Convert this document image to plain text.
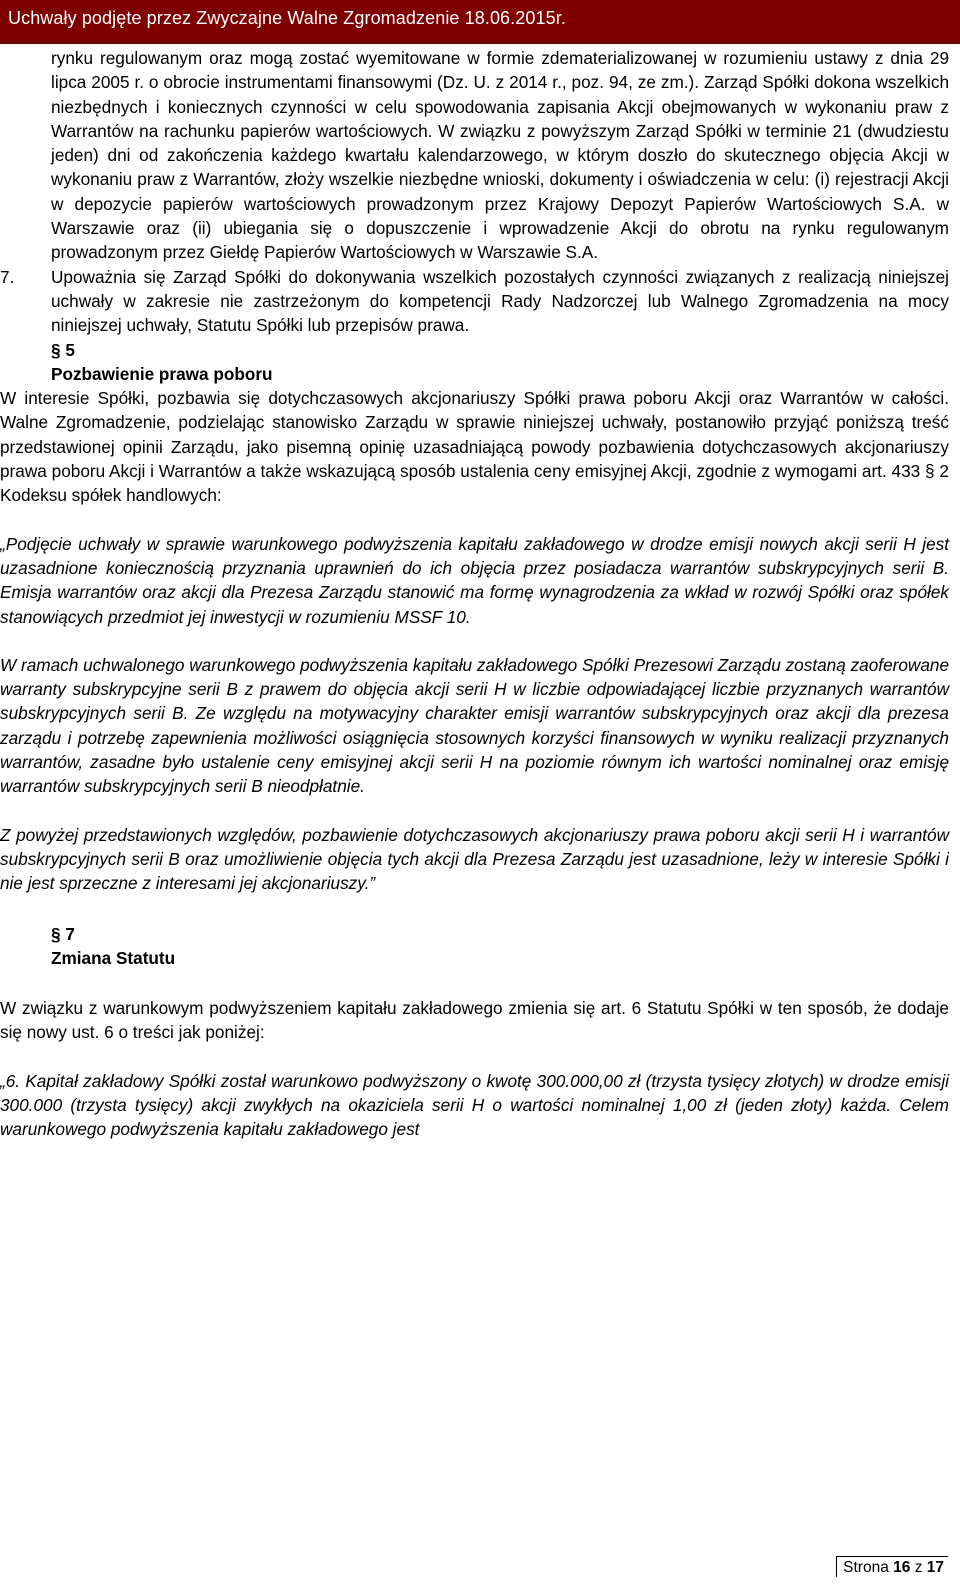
Uchwały podjęte przez Zwyczajne Walne Zgromadzenie 18.06.2015r.

rynku regulowanym oraz mogą zostać wyemitowane w formie zdematerializowanej w rozumieniu ustawy z dnia 29 lipca 2005 r. o obrocie instrumentami finansowymi (Dz. U. z 2014 r., poz. 94, ze zm.). Zarząd Spółki dokona wszelkich niezbędnych i koniecznych czynności w celu spowodowania zapisania Akcji obejmowanych w wykonaniu praw z Warrantów na rachunku papierów wartościowych. W związku z powyższym Zarząd Spółki w terminie 21 (dwudziestu jeden) dni od zakończenia każdego kwartału kalendarzowego, w którym doszło do skutecznego objęcia Akcji w wykonaniu praw z Warrantów, złoży wszelkie niezbędne wnioski, dokumenty i oświadczenia w celu: (i) rejestracji Akcji w depozycie papierów wartościowych prowadzonym przez Krajowy Depozyt Papierów Wartościowych S.A. w Warszawie oraz (ii) ubiegania się o dopuszczenie i wprowadzenie Akcji do obrotu na rynku regulowanym prowadzonym przez Giełdę Papierów Wartościowych w Warszawie S.A.

7.	Upoważnia się Zarząd Spółki do dokonywania wszelkich pozostałych czynności związanych z realizacją niniejszej uchwały w zakresie nie zastrzeżonym do kompetencji Rady Nadzorczej lub Walnego Zgromadzenia na mocy niniejszej uchwały, Statutu Spółki lub przepisów prawa.

§ 5

Pozbawienie prawa poboru

W interesie Spółki, pozbawia się dotychczasowych akcjonariuszy Spółki prawa poboru Akcji oraz Warrantów w całości. Walne Zgromadzenie, podzielając stanowisko Zarządu w sprawie niniejszej uchwały, postanowiło przyjąć poniższą treść przedstawionej opinii Zarządu, jako pisemną opinię uzasadniającą powody pozbawienia dotychczasowych akcjonariuszy prawa poboru Akcji i Warrantów a także wskazującą sposób ustalenia ceny emisyjnej Akcji, zgodnie z wymogami art. 433 § 2 Kodeksu spółek handlowych:

„Podjęcie uchwały w sprawie warunkowego podwyższenia kapitału zakładowego w drodze emisji nowych akcji serii H jest uzasadnione koniecznością przyznania uprawnień do ich objęcia przez posiadacza warrantów subskrypcyjnych serii B. Emisja warrantów oraz akcji dla Prezesa Zarządu stanowić ma formę wynagrodzenia za wkład w rozwój Spółki oraz spółek stanowiących przedmiot jej inwestycji w rozumieniu MSSF 10.

W ramach uchwalonego warunkowego podwyższenia kapitału zakładowego Spółki Prezesowi Zarządu zostaną zaoferowane warranty subskrypcyjne serii B z prawem do objęcia akcji serii H w liczbie odpowiadającej liczbie przyznanych warrantów subskrypcyjnych serii B. Ze względu na motywacyjny charakter emisji warrantów subskrypcyjnych oraz akcji dla prezesa zarządu i potrzebę zapewnienia możliwości osiągnięcia stosownych korzyści finansowych w wyniku realizacji przyznanych warrantów, zasadne było ustalenie ceny emisyjnej akcji serii H na poziomie równym ich wartości nominalnej oraz emisję warrantów subskrypcyjnych serii B nieodpłatnie.

Z powyżej przedstawionych względów, pozbawienie dotychczasowych akcjonariuszy prawa poboru akcji serii H i warrantów subskrypcyjnych serii B oraz umożliwienie objęcia tych akcji dla Prezesa Zarządu jest uzasadnione, leży w interesie Spółki i nie jest sprzeczne z interesami jej akcjonariuszy.”

§ 7

Zmiana Statutu

W związku z warunkowym podwyższeniem kapitału zakładowego zmienia się art. 6 Statutu Spółki w ten sposób, że dodaje się nowy ust. 6 o treści jak poniżej:

„6. Kapitał zakładowy Spółki został warunkowo podwyższony o kwotę 300.000,00 zł (trzysta tysięcy złotych) w drodze emisji 300.000 (trzysta tysięcy) akcji zwykłych na okaziciela serii H o wartości nominalnej 1,00 zł (jeden złoty) każda. Celem warunkowego podwyższenia kapitału zakładowego jest

Strona 16 z 17
